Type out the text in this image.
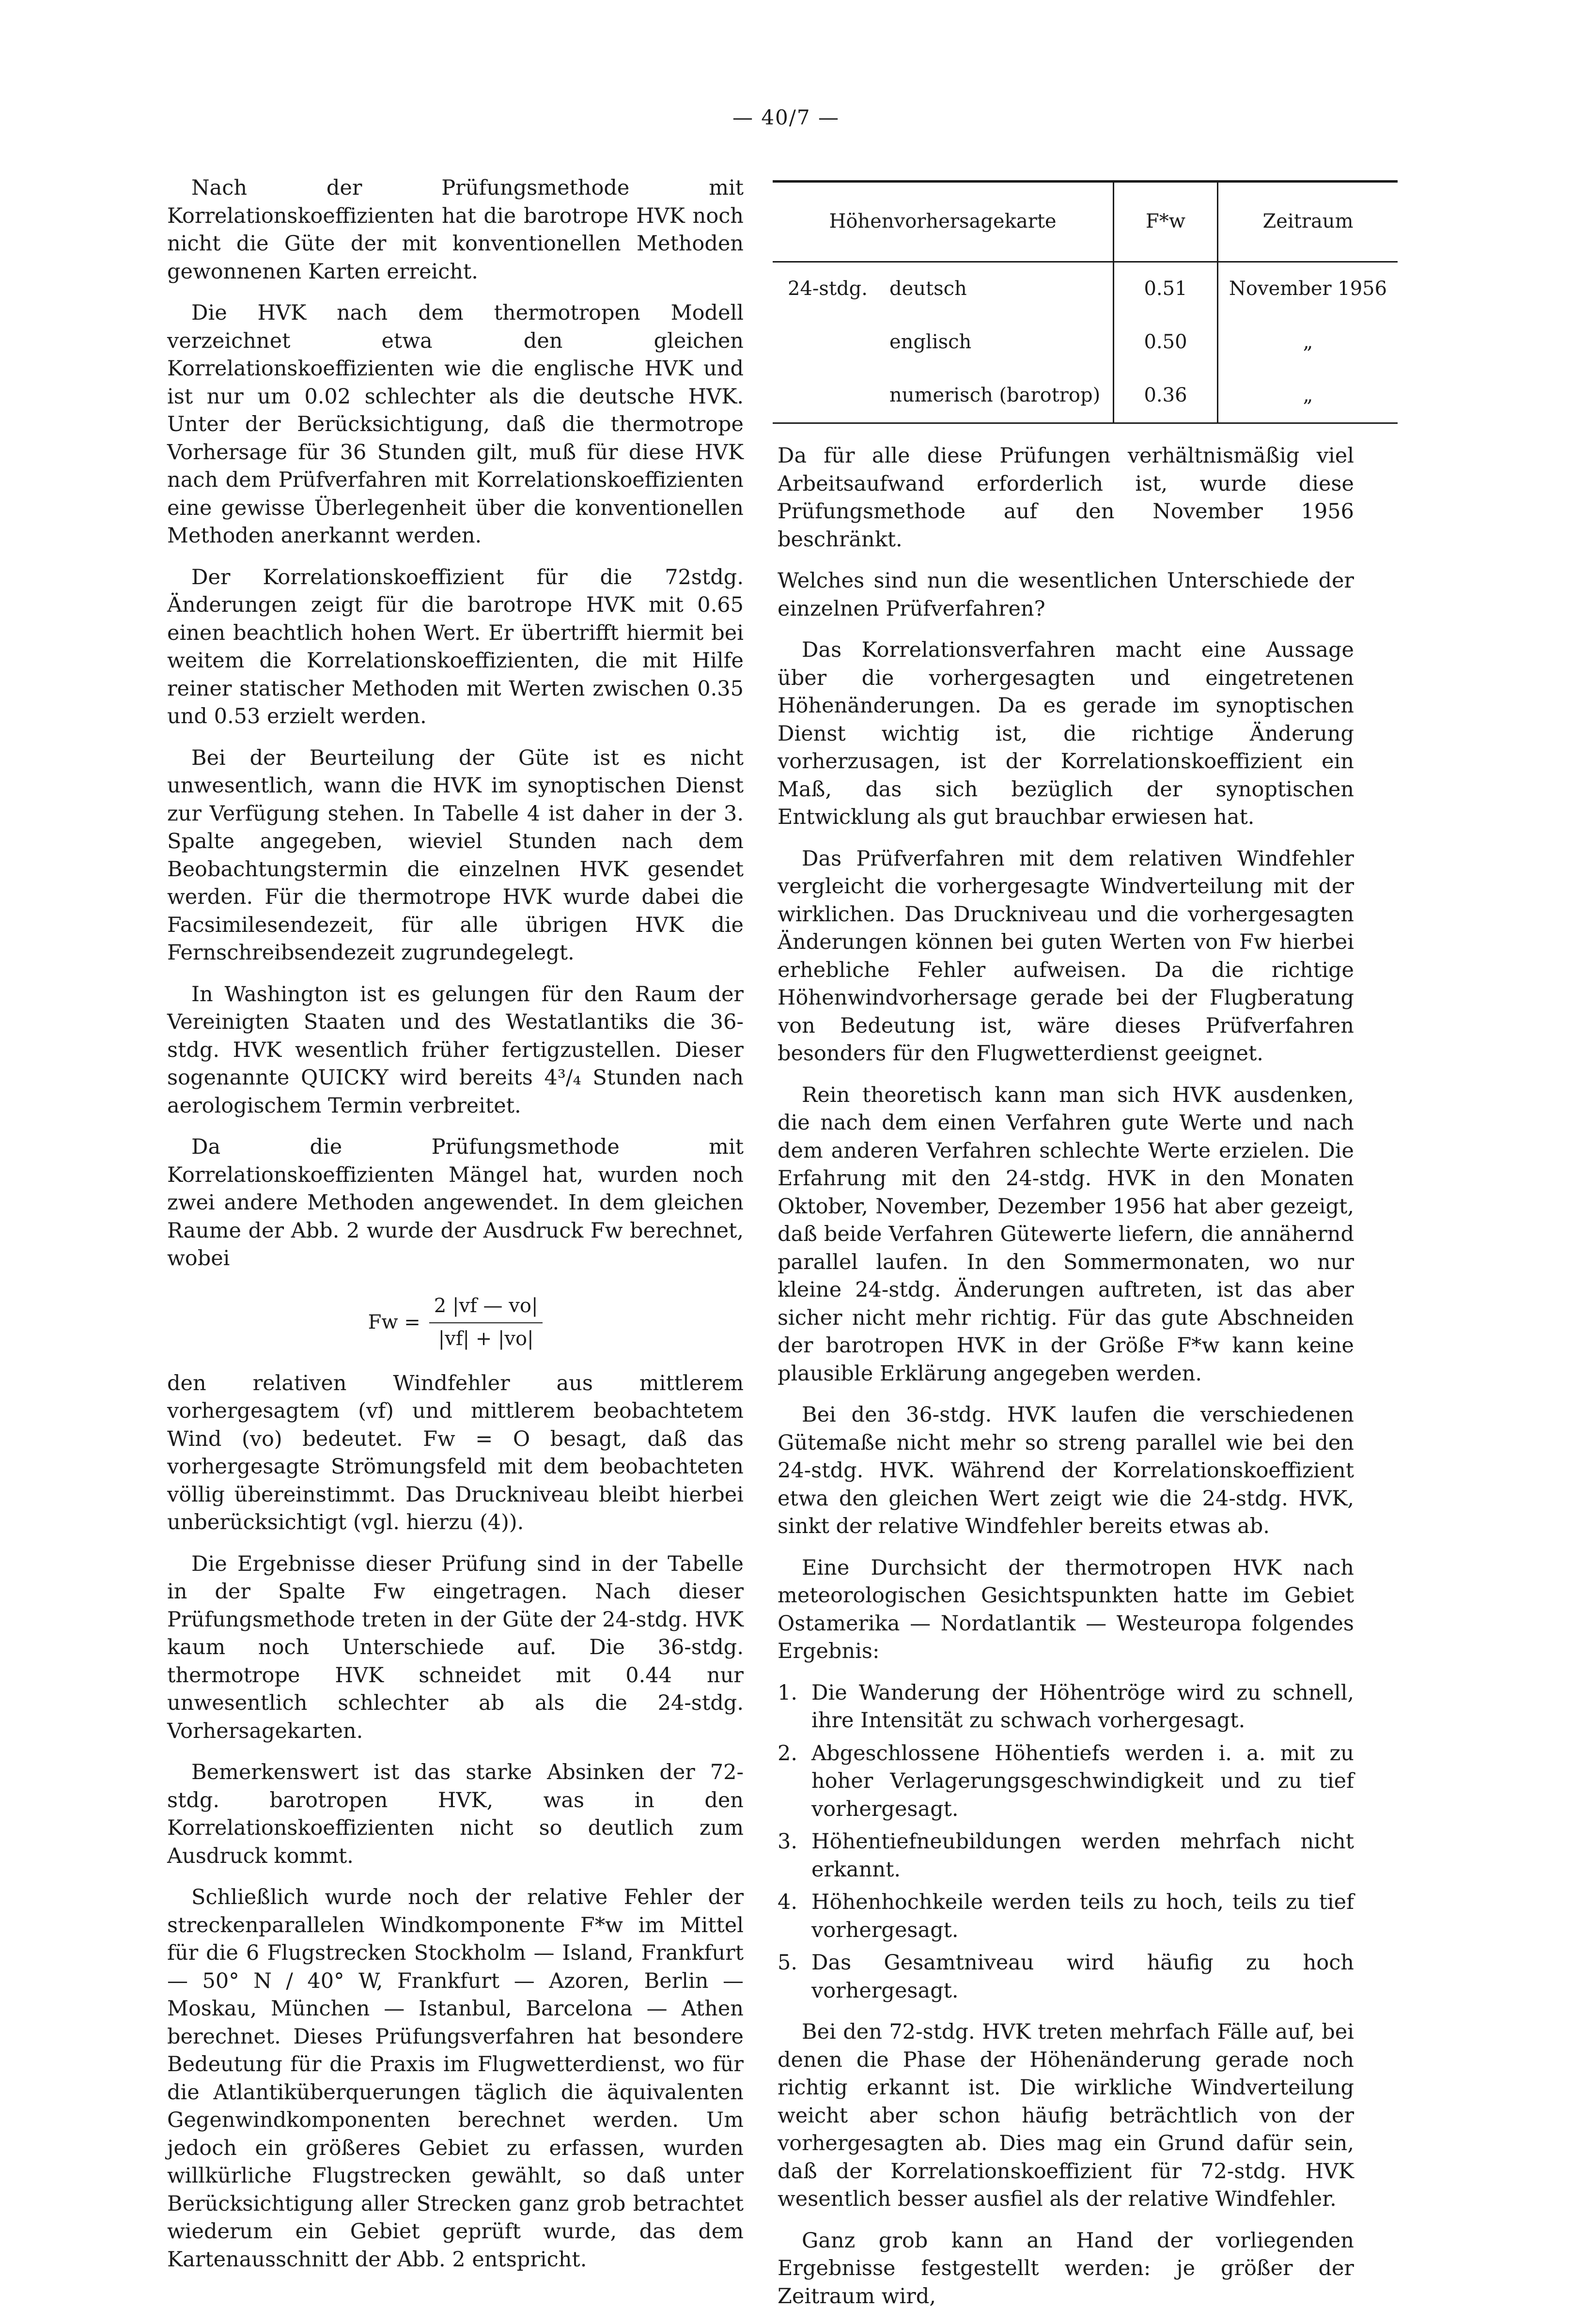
— 40/7 —

Nach der Prüfungsmethode mit Korrelationskoeffizienten hat die barotrope HVK noch nicht die Güte der mit konventionellen Methoden gewonnenen Karten erreicht.

Die HVK nach dem thermotropen Modell verzeichnet etwa den gleichen Korrelationskoeffizienten wie die englische HVK und ist nur um 0.02 schlechter als die deutsche HVK. Unter der Berücksichtigung, daß die thermotrope Vorhersage für 36 Stunden gilt, muß für diese HVK nach dem Prüfverfahren mit Korrelationskoeffizienten eine gewisse Überlegenheit über die konventionellen Methoden anerkannt werden.

Der Korrelationskoeffizient für die 72stdg. Änderungen zeigt für die barotrope HVK mit 0.65 einen beachtlich hohen Wert. Er übertrifft hiermit bei weitem die Korrelationskoeffizienten, die mit Hilfe reiner statischer Methoden mit Werten zwischen 0.35 und 0.53 erzielt werden.

Bei der Beurteilung der Güte ist es nicht unwesentlich, wann die HVK im synoptischen Dienst zur Verfügung stehen. In Tabelle 4 ist daher in der 3. Spalte angegeben, wieviel Stunden nach dem Beobachtungstermin die einzelnen HVK gesendet werden. Für die thermotrope HVK wurde dabei die Facsimilesendezeit, für alle übrigen HVK die Fernschreibsendezeit zugrundegelegt.

In Washington ist es gelungen für den Raum der Vereinigten Staaten und des Westatlantiks die 36-stdg. HVK wesentlich früher fertigzustellen. Dieser sogenannte QUICKY wird bereits 4³/₄ Stunden nach aerologischem Termin verbreitet.

Da die Prüfungsmethode mit Korrelationskoeffizienten Mängel hat, wurden noch zwei andere Methoden angewendet. In dem gleichen Raume der Abb. 2 wurde der Ausdruck Fw berechnet, wobei

$Fw = \frac{2 |vf — vo|}{|vf| + |vo|}$

den relativen Windfehler aus mittlerem vorhergesagtem (vf) und mittlerem beobachtetem Wind (vo) bedeutet. Fw = O besagt, daß das vorhergesagte Strömungsfeld mit dem beobachteten völlig übereinstimmt. Das Druckniveau bleibt hierbei unberücksichtigt (vgl. hierzu (4)).

Die Ergebnisse dieser Prüfung sind in der Tabelle in der Spalte Fw eingetragen. Nach dieser Prüfungsmethode treten in der Güte der 24-stdg. HVK kaum noch Unterschiede auf. Die 36-stdg. thermotrope HVK schneidet mit 0.44 nur unwesentlich schlechter ab als die 24-stdg. Vorhersagekarten.

Bemerkenswert ist das starke Absinken der 72-stdg. barotropen HVK, was in den Korrelationskoeffizienten nicht so deutlich zum Ausdruck kommt.

Schließlich wurde noch der relative Fehler der streckenparallelen Windkomponente F*w im Mittel für die 6 Flugstrecken Stockholm — Island, Frankfurt — 50° N / 40° W, Frankfurt — Azoren, Berlin — Moskau, München — Istanbul, Barcelona — Athen berechnet. Dieses Prüfungsverfahren hat besondere Bedeutung für die Praxis im Flugwetterdienst, wo für die Atlantiküberquerungen täglich die äquivalenten Gegenwindkomponenten berechnet werden. Um jedoch ein größeres Gebiet zu erfassen, wurden willkürliche Flugstrecken gewählt, so daß unter Berücksichtigung aller Strecken ganz grob betrachtet wiederum ein Gebiet geprüft wurde, das dem Kartenausschnitt der Abb. 2 entspricht.

Höhenvorhersagekarte	F*w	Zeitraum
24-stdg. deutsch	0.51	November 1956
englisch	0.50	„
numerisch (barotrop)	0.36	„

Da für alle diese Prüfungen verhältnismäßig viel Arbeitsaufwand erforderlich ist, wurde diese Prüfungsmethode auf den November 1956 beschränkt.

Welches sind nun die wesentlichen Unterschiede der einzelnen Prüfverfahren?

Das Korrelationsverfahren macht eine Aussage über die vorhergesagten und eingetretenen Höhenänderungen. Da es gerade im synoptischen Dienst wichtig ist, die richtige Änderung vorherzusagen, ist der Korrelationskoeffizient ein Maß, das sich bezüglich der synoptischen Entwicklung als gut brauchbar erwiesen hat.

Das Prüfverfahren mit dem relativen Windfehler vergleicht die vorhergesagte Windverteilung mit der wirklichen. Das Druckniveau und die vorhergesagten Änderungen können bei guten Werten von Fw hierbei erhebliche Fehler aufweisen. Da die richtige Höhenwindvorhersage gerade bei der Flugberatung von Bedeutung ist, wäre dieses Prüfverfahren besonders für den Flugwetterdienst geeignet.

Rein theoretisch kann man sich HVK ausdenken, die nach dem einen Verfahren gute Werte und nach dem anderen Verfahren schlechte Werte erzielen. Die Erfahrung mit den 24-stdg. HVK in den Monaten Oktober, November, Dezember 1956 hat aber gezeigt, daß beide Verfahren Gütewerte liefern, die annähernd parallel laufen. In den Sommermonaten, wo nur kleine 24-stdg. Änderungen auftreten, ist das aber sicher nicht mehr richtig. Für das gute Abschneiden der barotropen HVK in der Größe F*w kann keine plausible Erklärung angegeben werden.

Bei den 36-stdg. HVK laufen die verschiedenen Gütemaße nicht mehr so streng parallel wie bei den 24-stdg. HVK. Während der Korrelationskoeffizient etwa den gleichen Wert zeigt wie die 24-stdg. HVK, sinkt der relative Windfehler bereits etwas ab.

Eine Durchsicht der thermotropen HVK nach meteorologischen Gesichtspunkten hatte im Gebiet Ostamerika — Nordatlantik — Westeuropa folgendes Ergebnis:

1. Die Wanderung der Höhentröge wird zu schnell, ihre Intensität zu schwach vorhergesagt.
2. Abgeschlossene Höhentiefs werden i. a. mit zu hoher Verlagerungsgeschwindigkeit und zu tief vorhergesagt.
3. Höhentiefneubildungen werden mehrfach nicht erkannt.
4. Höhenhochkeile werden teils zu hoch, teils zu tief vorhergesagt.
5. Das Gesamtniveau wird häufig zu hoch vorhergesagt.

Bei den 72-stdg. HVK treten mehrfach Fälle auf, bei denen die Phase der Höhenänderung gerade noch richtig erkannt ist. Die wirkliche Windverteilung weicht aber schon häufig beträchtlich von der vorhergesagten ab. Dies mag ein Grund dafür sein, daß der Korrelationskoeffizient für 72-stdg. HVK wesentlich besser ausfiel als der relative Windfehler.

Ganz grob kann an Hand der vorliegenden Ergebnisse festgestellt werden: je größer der Zeitraum wird,
